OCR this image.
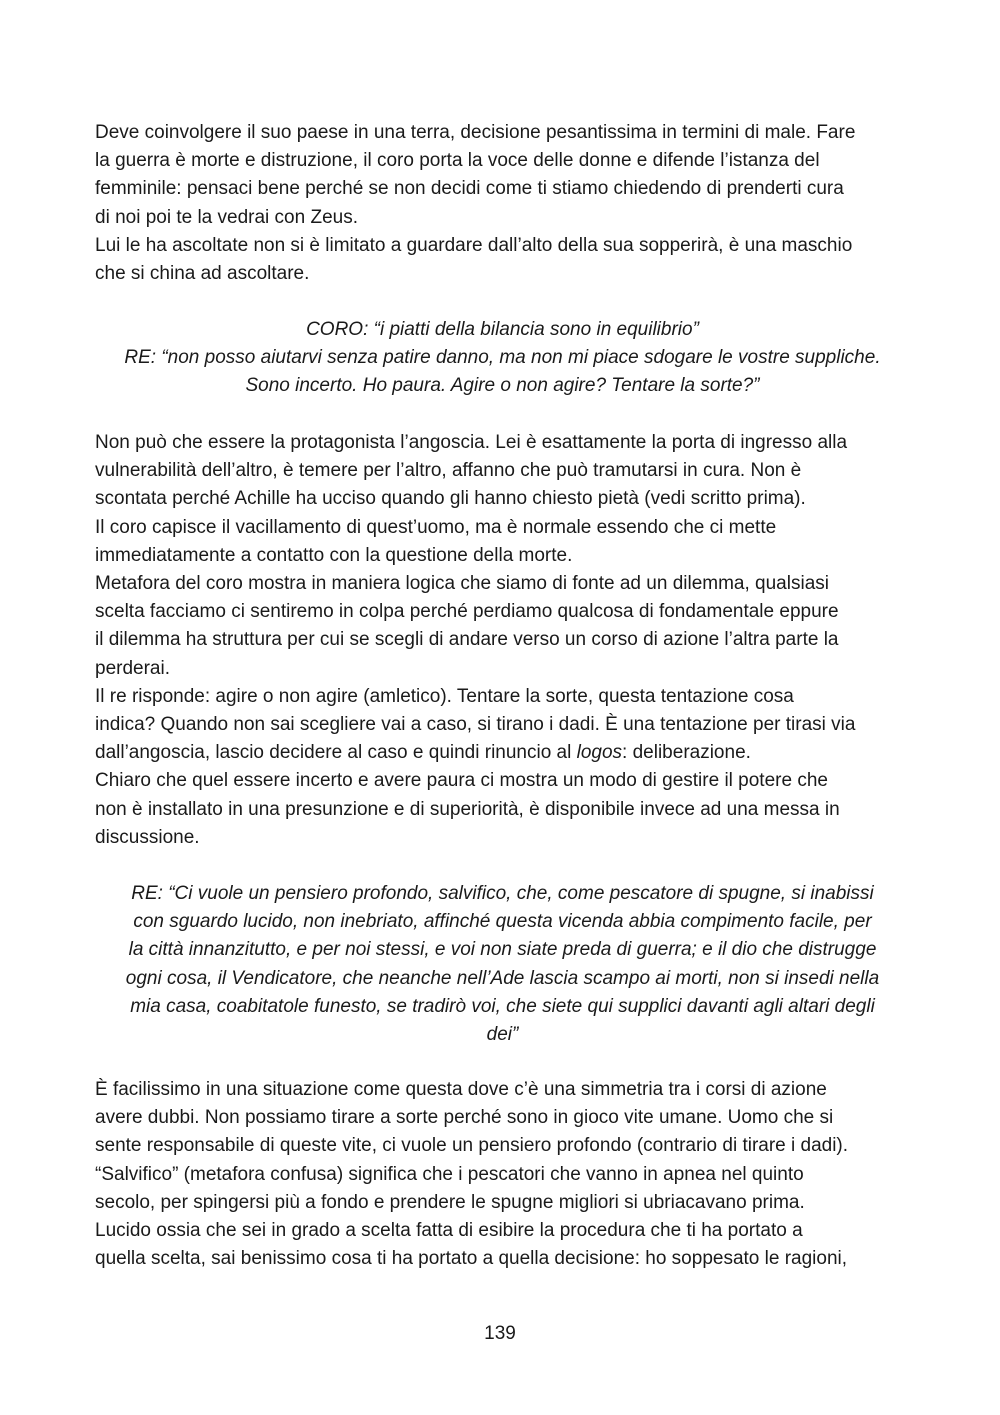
Deve coinvolgere il suo paese in una terra, decisione pesantissima in termini di male. Fare

la guerra è morte e distruzione, il coro porta la voce delle donne e difende l’istanza del

femminile: pensaci bene perché se non decidi come ti stiamo chiedendo di prenderti cura

di noi poi te la vedrai con Zeus.

Lui le ha ascoltate non si è limitato a guardare dall’alto della sua sopperirà, è una maschio

che si china ad ascoltare.

CORO: “i piatti della bilancia sono in equilibrio”

RE: “non posso aiutarvi senza patire danno, ma non mi piace sdogare le vostre suppliche.

Sono incerto. Ho paura. Agire o non agire? Tentare la sorte?”

Non può che essere la protagonista l’angoscia. Lei è esattamente la porta di ingresso alla

vulnerabilità dell’altro, è temere per l’altro, affanno che può tramutarsi in cura. Non è

scontata perché Achille ha ucciso quando gli hanno chiesto pietà (vedi scritto prima).

Il coro capisce il vacillamento di quest’uomo, ma è normale essendo che ci mette

immediatamente a contatto con la questione della morte.

Metafora del coro mostra in maniera logica che siamo di fonte ad un dilemma, qualsiasi

scelta facciamo ci sentiremo in colpa perché perdiamo qualcosa di fondamentale eppure

il dilemma ha struttura per cui se scegli di andare verso un corso di azione l’altra parte la

perderai.

Il re risponde: agire o non agire (amletico). Tentare la sorte, questa tentazione cosa

indica? Quando non sai scegliere vai a caso, si tirano i dadi. È una tentazione per tirasi via

dall’angoscia, lascio decidere al caso e quindi rinuncio al logos: deliberazione.

Chiaro che quel essere incerto e avere paura ci mostra un modo di gestire il potere che

non è installato in una presunzione e di superiorità, è disponibile invece ad una messa in

discussione.

RE: “Ci vuole un pensiero profondo, salvifico, che, come pescatore di spugne, si inabissi

con sguardo lucido, non inebriato, affinché questa vicenda abbia compimento facile, per

la città innanzitutto, e per noi stessi, e voi non siate preda di guerra; e il dio che distrugge

ogni cosa, il Vendicatore, che neanche nell’Ade lascia scampo ai morti, non si insedi nella

mia casa, coabitatole funesto, se tradirò voi, che siete qui supplici davanti agli altari degli

dei”

È facilissimo in una situazione come questa dove c’è una simmetria tra i corsi di azione

avere dubbi. Non possiamo tirare a sorte perché sono in gioco vite umane. Uomo che si

sente responsabile di queste vite, ci vuole un pensiero profondo (contrario di tirare i dadi).

“Salvifico” (metafora confusa) significa che i pescatori che vanno in apnea nel quinto

secolo, per spingersi più a fondo e prendere le spugne migliori si ubriacavano prima.

Lucido ossia che sei in grado a scelta fatta di esibire la procedura che ti ha portato a

quella scelta, sai benissimo cosa ti ha portato a quella decisione: ho soppesato le ragioni,

139
